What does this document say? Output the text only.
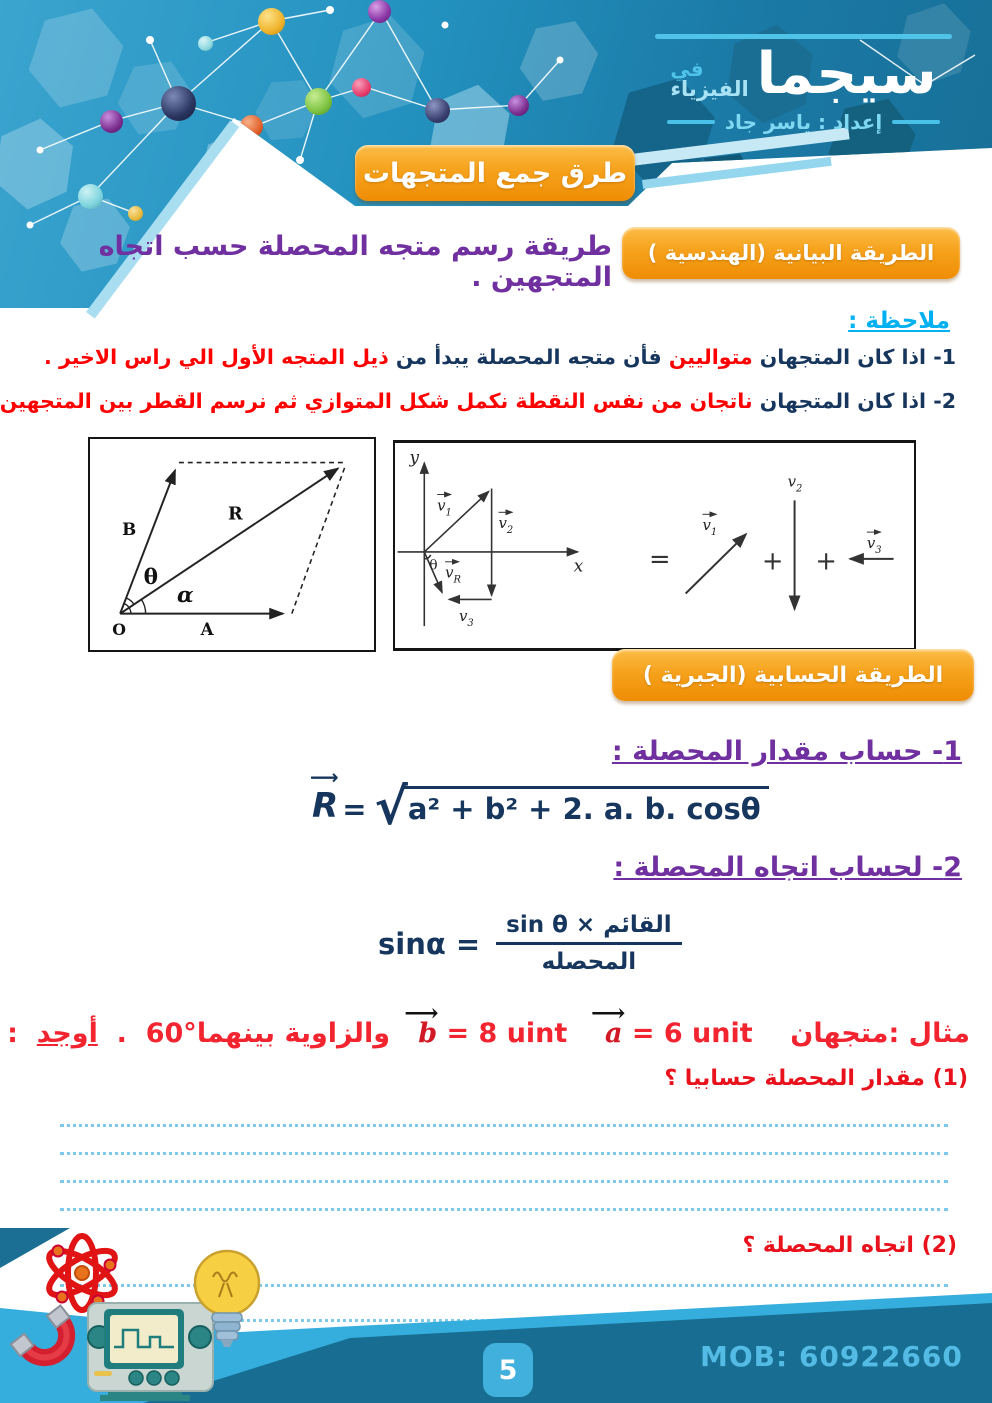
سيجما
في
الفيزياء
إعداد : ياسر جاد
طرق جمع المتجهات
الطريقة البيانية (الهندسية )
طريقة رسم متجه المحصلة حسب اتجاه المتجهين .
ملاحظة :
1- اذا كان المتجهان متواليين فأن متجه المحصلة يبدأ من ذيل المتجه الأول الي راس الاخير .
2- اذا كان المتجهان ناتجان من نفس النقطة نكمل شكل المتوازي ثم نرسم القطر بين المتجهين
O	A
B
R
θ
α
y
x
$v_1$
$v_2$
$v_3$
$v_R$
θ
$v_1$
$v_2$
$v_3$
=	+ +
الطريقة الحسابية (الجبرية )
1- حساب مقدار المحصلة :
⟶
R = √ a² + b² + 2. a. b. cosθ
2- لحساب اتجاه المحصلة :
$\sin\alpha = \frac{\text{sin θ × القائم}}{\text{المحصله}}$
مثال :متجهان
⟶
a = 6 unit
⟶
b = 8 uint   والزاوية بينهما60°  .  أوجد  :
(1) مقدار المحصلة حسابيا ؟
(2) اتجاه المحصلة ؟
5	MOB: 60922660
